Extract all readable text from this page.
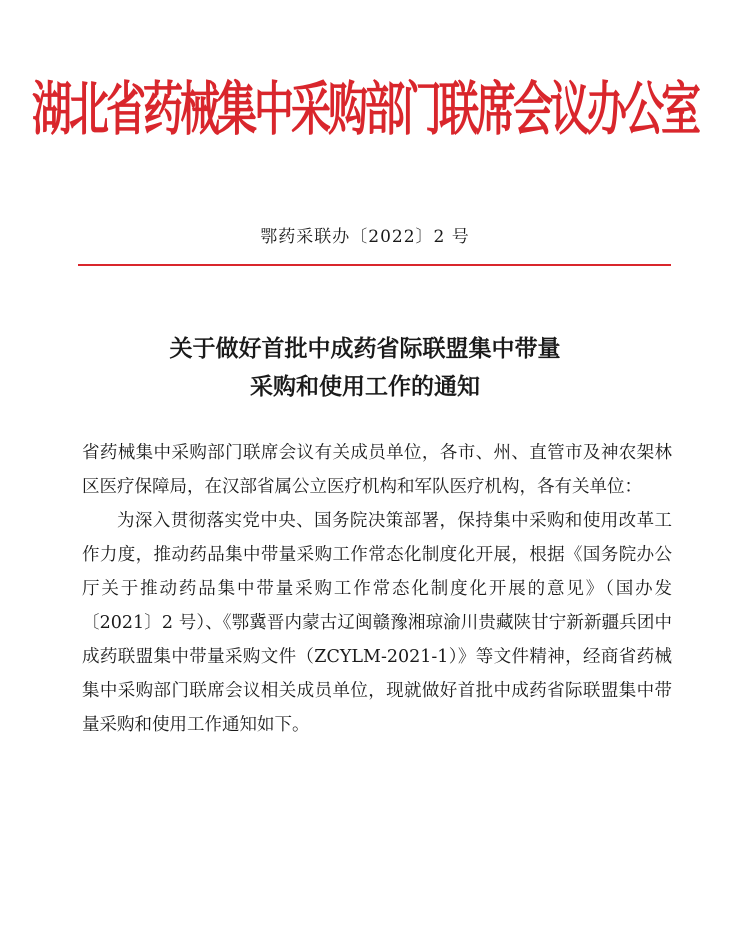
湖北省药械集中采购部门联席会议办公室
鄂药采联办〔2022〕2 号
关于做好首批中成药省际联盟集中带量
采购和使用工作的通知

省药械集中采购部门联席会议有关成员单位，各市、州、直管市及神农架林区医疗保障局，在汉部省属公立医疗机构和军队医疗机构，各有关单位：

为深入贯彻落实党中央、国务院决策部署，保持集中采购和使用改革工作力度，推动药品集中带量采购工作常态化制度化开展，根据《国务院办公厅关于推动药品集中带量采购工作常态化制度化开展的意见》（国办发〔2021〕2 号）、《鄂冀晋内蒙古辽闽赣豫湘琼渝川贵藏陕甘宁新新疆兵团中成药联盟集中带量采购文件（ZCYLM-2021-1）》等文件精神，经商省药械集中采购部门联席会议相关成员单位，现就做好首批中成药省际联盟集中带量采购和使用工作通知如下。
